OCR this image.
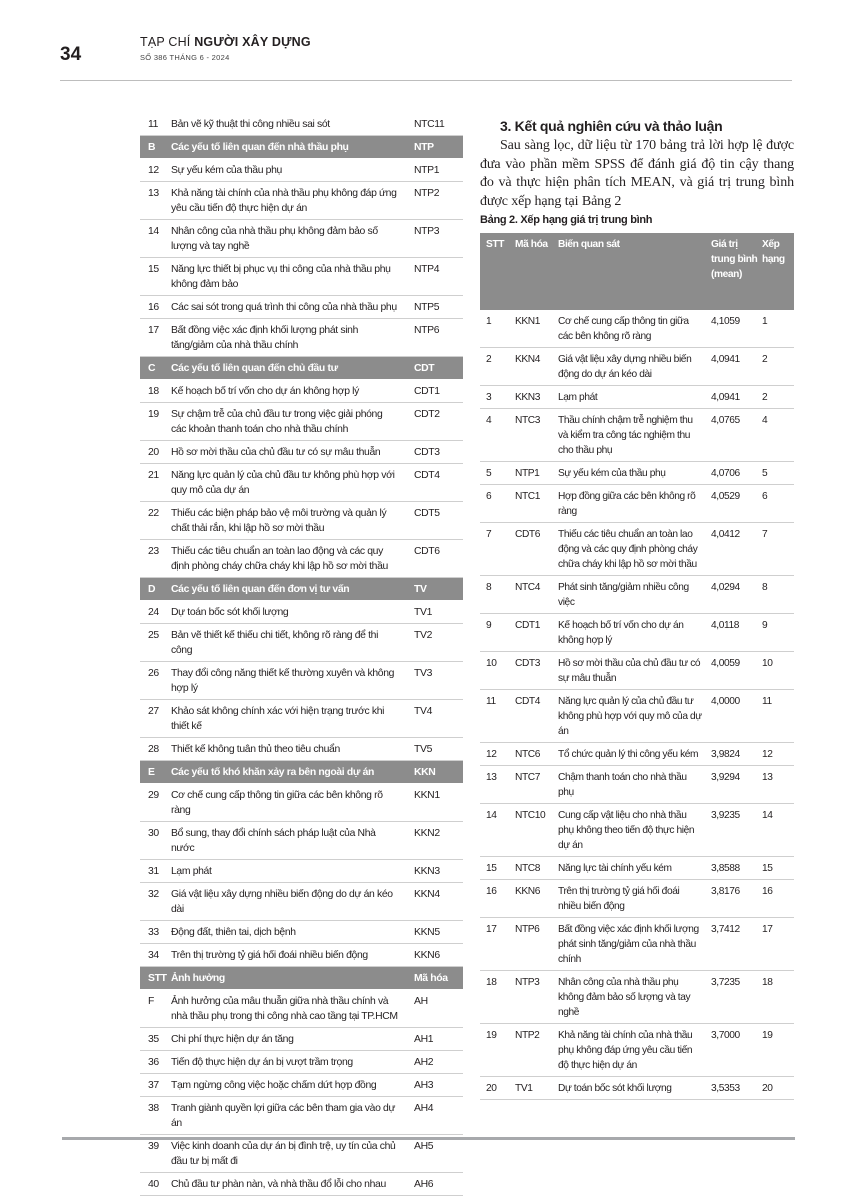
34
TẠP CHÍ NGƯỜI XÂY DỰNG
SỐ 386 THÁNG 6 - 2024
11	Bản vẽ kỹ thuật thi công nhiều sai sót	NTC11
B	Các yếu tố liên quan đến nhà thầu phụ	NTP
12	Sự yếu kém của thầu phụ	NTP1
13	Khả năng tài chính của nhà thầu phụ không đáp ứng yêu cầu tiến độ thực hiện dự án	NTP2
14	Nhân công của nhà thầu phụ không đảm bảo số lượng và tay nghề	NTP3
15	Năng lực thiết bị phục vụ thi công của nhà thầu phụ không đảm bảo	NTP4
16	Các sai sót trong quá trình thi công của nhà thầu phụ	NTP5
17	Bất đồng việc xác định khối lượng phát sinh tăng/giảm của nhà thầu chính	NTP6
C	Các yếu tố liên quan đến chủ đầu tư	CDT
18	Kế hoạch bố trí vốn cho dự án không hợp lý	CDT1
19	Sự chậm trễ của chủ đầu tư trong việc giải phóng các khoản thanh toán cho nhà thầu chính	CDT2
20	Hồ sơ mời thầu của chủ đầu tư có sự mâu thuẫn	CDT3
21	Năng lực quản lý của chủ đầu tư không phù hợp với quy mô của dự án	CDT4
22	Thiếu các biện pháp bảo vệ môi trường và quản lý chất thải rắn, khi lập hồ sơ mời thầu	CDT5
23	Thiếu các tiêu chuẩn an toàn lao động và các quy định phòng cháy chữa cháy khi lập hồ sơ mời thầu	CDT6
D	Các yếu tố liên quan đến đơn vị tư vấn	TV
24	Dự toán bốc sót khối lượng	TV1
25	Bản vẽ thiết kế thiếu chi tiết, không rõ ràng để thi công	TV2
26	Thay đổi công năng thiết kế thường xuyên và không hợp lý	TV3
27	Khảo sát không chính xác với hiện trạng trước khi thiết kế	TV4
28	Thiết kế không tuân thủ theo tiêu chuẩn	TV5
E	Các yếu tố khó khăn xảy ra bên ngoài dự án	KKN
29	Cơ chế cung cấp thông tin giữa các bên không rõ ràng	KKN1
30	Bổ sung, thay đổi chính sách pháp luật của Nhà nước	KKN2
31	Lạm phát	KKN3
32	Giá vật liệu xây dựng nhiều biến động do dự án kéo dài	KKN4
33	Động đất, thiên tai, dịch bệnh	KKN5
34	Trên thị trường tỷ giá hối đoái nhiều biến động	KKN6
STT	Ảnh hưởng	Mã hóa
F	Ảnh hưởng của mâu thuẫn giữa nhà thầu chính và nhà thầu phụ trong thi công nhà cao tầng tại TP.HCM	AH
35	Chi phí thực hiện dự án tăng	AH1
36	Tiến độ thực hiện dự án bị vượt trầm trọng	AH2
37	Tạm ngừng công việc hoặc chấm dứt hợp đồng	AH3
38	Tranh giành quyền lợi giữa các bên tham gia vào dự án	AH4
39	Việc kinh doanh của dự án bị đình trệ, uy tín của chủ đầu tư bị mất đi	AH5
40	Chủ đầu tư phàn nàn, và nhà thầu đổ lỗi cho nhau	AH6
3. Kết quả nghiên cứu và thảo luận

Sau sàng lọc, dữ liệu từ 170 bảng trả lời hợp lệ được đưa vào phần mềm SPSS để đánh giá độ tin cậy thang đo và thực hiện phân tích MEAN, và giá trị trung bình được xếp hạng tại Bảng 2

Bảng 2. Xếp hạng giá trị trung bình
STT	Mã hóa	Biến quan sát	Giá trị trung bình (mean)	Xếp hạng
1	KKN1	Cơ chế cung cấp thông tin giữa các bên không rõ ràng	4,1059	1
2	KKN4	Giá vật liệu xây dựng nhiều biến động do dự án kéo dài	4,0941	2
3	KKN3	Lạm phát	4,0941	2
4	NTC3	Thầu chính chậm trễ nghiệm thu và kiểm tra công tác nghiệm thu cho thầu phụ	4,0765	4
5	NTP1	Sự yếu kém của thầu phụ	4,0706	5
6	NTC1	Hợp đồng giữa các bên không rõ ràng	4,0529	6
7	CDT6	Thiếu các tiêu chuẩn an toàn lao động và các quy định phòng cháy chữa cháy khi lập hồ sơ mời thầu	4,0412	7
8	NTC4	Phát sinh tăng/giảm nhiều công việc	4,0294	8
9	CDT1	Kế hoạch bố trí vốn cho dự án không hợp lý	4,0118	9
10	CDT3	Hồ sơ mời thầu của chủ đầu tư có sự mâu thuẫn	4,0059	10
11	CDT4	Năng lực quản lý của chủ đầu tư không phù hợp với quy mô của dự án	4,0000	11
12	NTC6	Tổ chức quản lý thi công yếu kém	3,9824	12
13	NTC7	Chậm thanh toán cho nhà thầu phụ	3,9294	13
14	NTC10	Cung cấp vật liệu cho nhà thầu phụ không theo tiến độ thực hiện dự án	3,9235	14
15	NTC8	Năng lực tài chính yếu kém	3,8588	15
16	KKN6	Trên thị trường tỷ giá hối đoái nhiều biến động	3,8176	16
17	NTP6	Bất đồng việc xác định khối lượng phát sinh tăng/giảm của nhà thầu chính	3,7412	17
18	NTP3	Nhân công của nhà thầu phụ không đảm bảo số lượng và tay nghề	3,7235	18
19	NTP2	Khả năng tài chính của nhà thầu phụ không đáp ứng yêu cầu tiến độ thực hiện dự án	3,7000	19
20	TV1	Dự toán bốc sót khối lượng	3,5353	20
